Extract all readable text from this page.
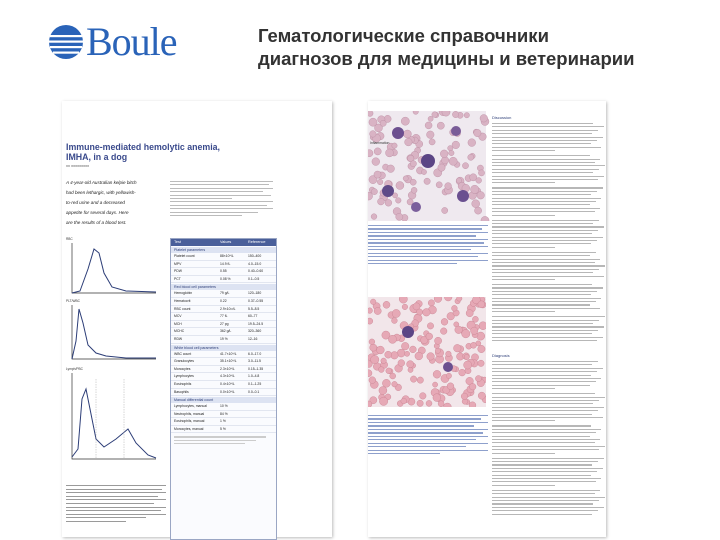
Boule	Гематологические справочники
диагнозов для медицины и ветеринарии
Immune-mediated hemolytic anemia,
IMHA, in a dog
xx xxxxxxxxx
A 4-year-old Australian kelpie bitch
had been lethargic, with yellowish-
to-red urine and a decreased
appetite for several days. Here
are the results of a blood test.
RBC
PLT/WBC
Lymph/PBC
Test	Values	Reference
Platelet parameters
Platelet count	88×10⁹/L	150–400
MPV	14.9 fL	4.0–15.0
PDW	0.55	0.40–0.60
PCT	0.08 %	0.1–0.5
Red blood cell parameters
Hemoglobin	79 g/L	120–180
Hematocrit	0.22	0.37–0.55
RBC count	2.9×10¹²/L	5.5–8.5
MCV	77 fL	60–77
MCH	27 pg	19.5–24.5
MCHC	362 g/L	320–360
RDW	19 %	12–16
White blood cell parameters
WBC count	41.7×10⁹/L	6.0–17.0
Granulocytes	35.1×10⁹/L	3.0–11.5
Monocytes	2.3×10⁹/L	0.15–1.35
Lymphocytes	4.3×10⁹/L	1.0–4.8
Eosinophils	0.4×10⁹/L	0.1–1.25
Basophils	0.0×10⁹/L	0.0–0.1
Manual differential count
Lymphocytes, manual	10 %
Neutrophils, manual	84 %
Eosinophils, manual	1 %
Monocytes, manual	5 %
Inflammation
Discussion
Diagnosis
